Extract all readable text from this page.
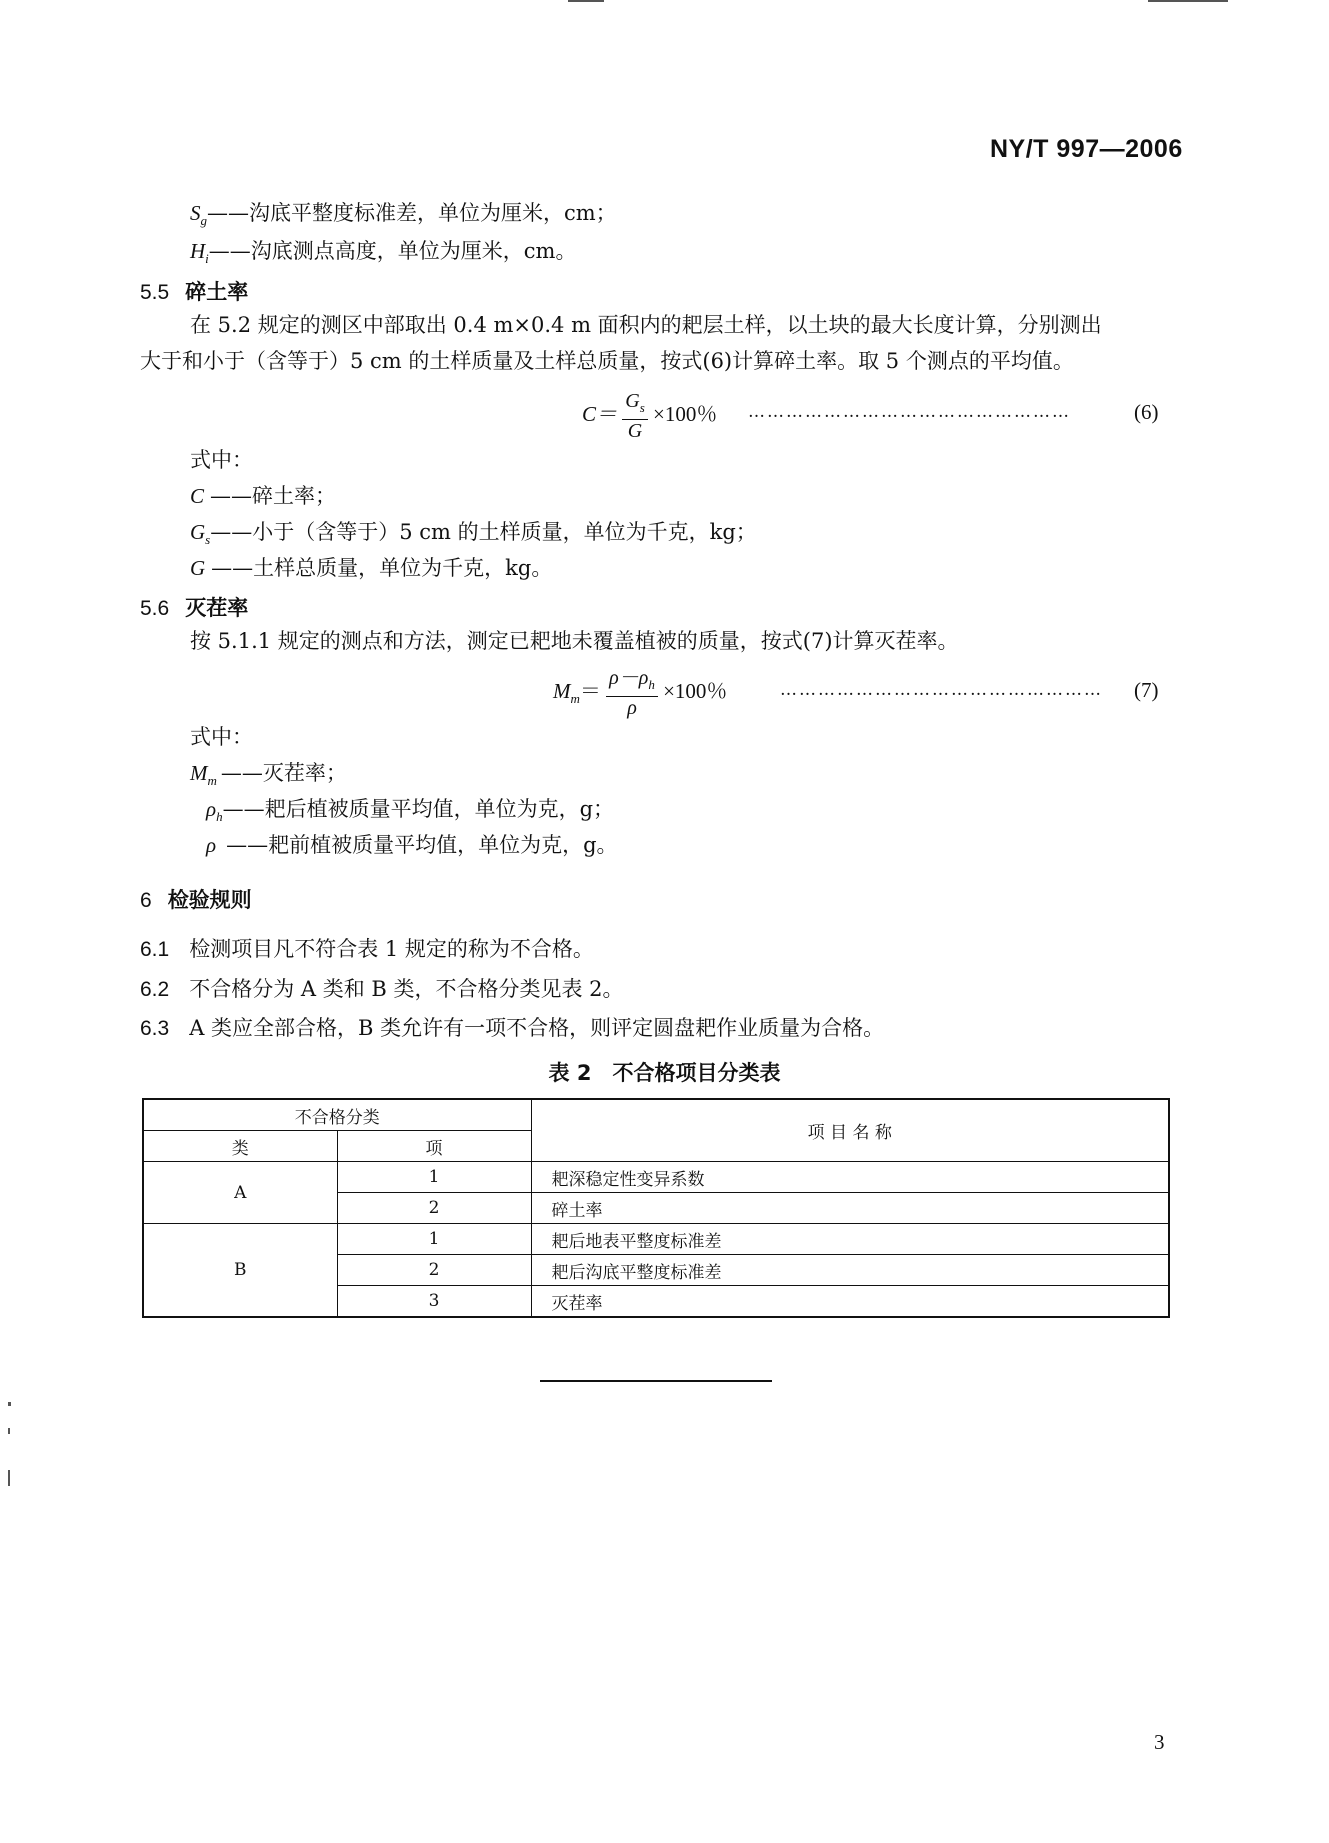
NY/T 997—2006
$S_g——$沟底平整度标准差，单位为厘米，cm；
$H_i——$沟底测点高度，单位为厘米，cm。
5.5 碎土率
在 5.2 规定的测区中部取出 0.4 m×0.4 m 面积内的耙层土样，以土块的最大长度计算，分别测出
大于和小于（含等于）5 cm 的土样质量及土样总质量，按式(6)计算碎土率。取 5 个测点的平均值。
$C= \frac{G_s}{G} \times 100$％ ……………………………………………	(6)
式中：
C ——碎土率；
$G_s——$小于（含等于）5 cm 的土样质量，单位为千克，kg；
G ——土样总质量，单位为千克，kg。
5.6 灭茬率
按 5.1.1 规定的测点和方法，测定已耙地未覆盖植被的质量，按式(7)计算灭茬率。
$M_m= \frac{\rho-\rho_h}{\rho} \times 100$％	…………………………………………… (7)
式中：
$M_m$ ——灭茬率；
$\rho_h——$耙后植被质量平均值，单位为克，g；
ρ ——耙前植被质量平均值，单位为克，g。
6 检验规则
6.1 检测项目凡不符合表 1 规定的称为不合格。
6.2 不合格分为 A 类和 B 类，不合格分类见表 2。
6.3 A 类应全部合格，B 类允许有一项不合格，则评定圆盘耙作业质量为合格。
表 2　不合格项目分类表
不合格分类		项 目 名 称
类	项	
A	1	耙深稳定性变异系数
	2	碎土率
B	1	耙后地表平整度标准差
	2	耙后沟底平整度标准差
	3	灭茬率
3
